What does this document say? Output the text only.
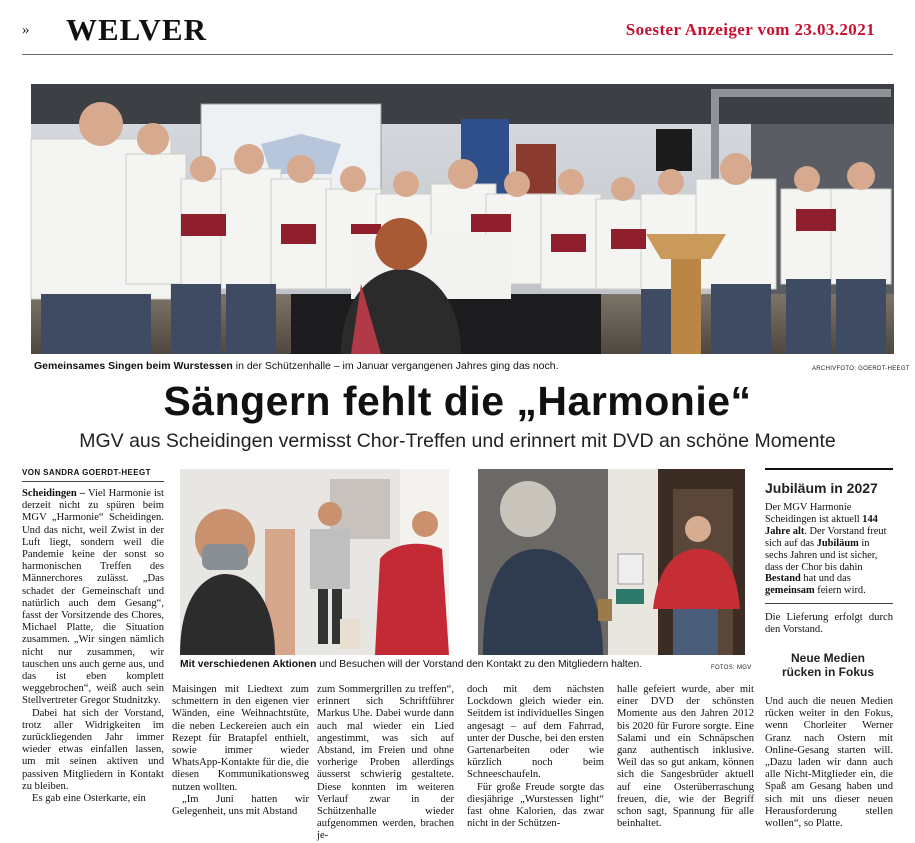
» WELVER	Soester Anzeiger vom 23.03.2021
Gemeinsames Singen beim Wurstessen in der Schützenhalle – im Januar vergangenen Jahres ging das noch.	ARCHIVFOTO: GOERDT-HEEGT
Sängern fehlt die „Harmonie“
MGV aus Scheidingen vermisst Chor-Treffen und erinnert mit DVD an schöne Momente
VON SANDRA GOERDT-HEEGT

Scheidingen – Viel Harmonie ist derzeit nicht zu spüren beim MGV „Harmonie“ Scheidingen. Und das nicht, weil Zwist in der Luft liegt, sondern weil die Pandemie keine der sonst so harmonischen Treffen des Männerchores zulässt. „Das schadet der Gemeinschaft und natürlich auch dem Gesang“, fasst der Vorsitzende des Chores, Michael Platte, die Situation zusammen. „Wir singen nämlich nicht nur zusammen, wir tauschen uns auch gerne aus, und das ist eben komplett weggebrochen“, weiß auch sein Stellvertreter Gregor Studnitzky.

Dabei hat sich der Vorstand, trotz aller Widrigkeiten im zurückliegenden Jahr immer wieder etwas einfallen lassen, um mit seinen aktiven und passiven Mitgliedern in Kontakt zu bleiben.

Es gab eine Osterkarte, ein

Mit verschiedenen Aktionen und Besuchen will der Vorstand den Kontakt zu den Mitgliedern halten.	FOTOS: MGV

Maisingen mit Liedtext zum schmettern in den eigenen vier Wänden, eine Weihnachtstüte, die neben Leckereien auch ein Rezept für Bratapfel enthielt, sowie immer wieder WhatsApp-Kontakte für die, die diesen Kommunikationsweg nutzen wollten.

„Im Juni hatten wir Gelegenheit, uns mit Abstand

zum Sommergrillen zu treffen“, erinnert sich Schriftführer Markus Uhe. Dabei wurde dann auch mal wieder ein Lied angestimmt, was sich auf Abstand, im Freien und ohne vorherige Proben allerdings äusserst schwierig gestaltete. Diese konnten im weiteren Verlauf zwar in der Schützenhalle wieder aufgenommen werden, brachen je-

doch mit dem nächsten Lockdown gleich wieder ein. Seitdem ist individuelles Singen angesagt – auf dem Fahrrad, unter der Dusche, bei den ersten Gartenarbeiten oder wie kürzlich noch beim Schneeschaufeln.

Für große Freude sorgte das diesjährige „Wurstessen light“ fast ohne Kalorien, das zwar nicht in der Schützen-

halle gefeiert wurde, aber mit einer DVD der schönsten Momente aus den Jahren 2012 bis 2020 für Furore sorgte. Eine Salami und ein Schnäpschen ganz authentisch inklusive. Weil das so gut ankam, können sich die Sangesbrüder aktuell auf eine Osterüberraschung freuen, die, wie der Begriff schon sagt, Spannung für alle beinhaltet.

Jubiläum in 2027
Der MGV Harmonie Scheidingen ist aktuell 144 Jahre alt. Der Vorstand freut sich auf das Jubiläum in sechs Jahren und ist sicher, dass der Chor bis dahin Bestand hat und das gemeinsam feiern wird.
Die Lieferung erfolgt durch den Vorstand.
Neue Medien rücken in Fokus
Und auch die neuen Medien rücken weiter in den Fokus, wenn Chorleiter Werner Granz nach Ostern mit Online-Gesang starten will. „Dazu laden wir dann auch alle Nicht-Mitglieder ein, die Spaß am Gesang haben und sich mit uns dieser neuen Herausforderung stellen wollen“, so Platte.
